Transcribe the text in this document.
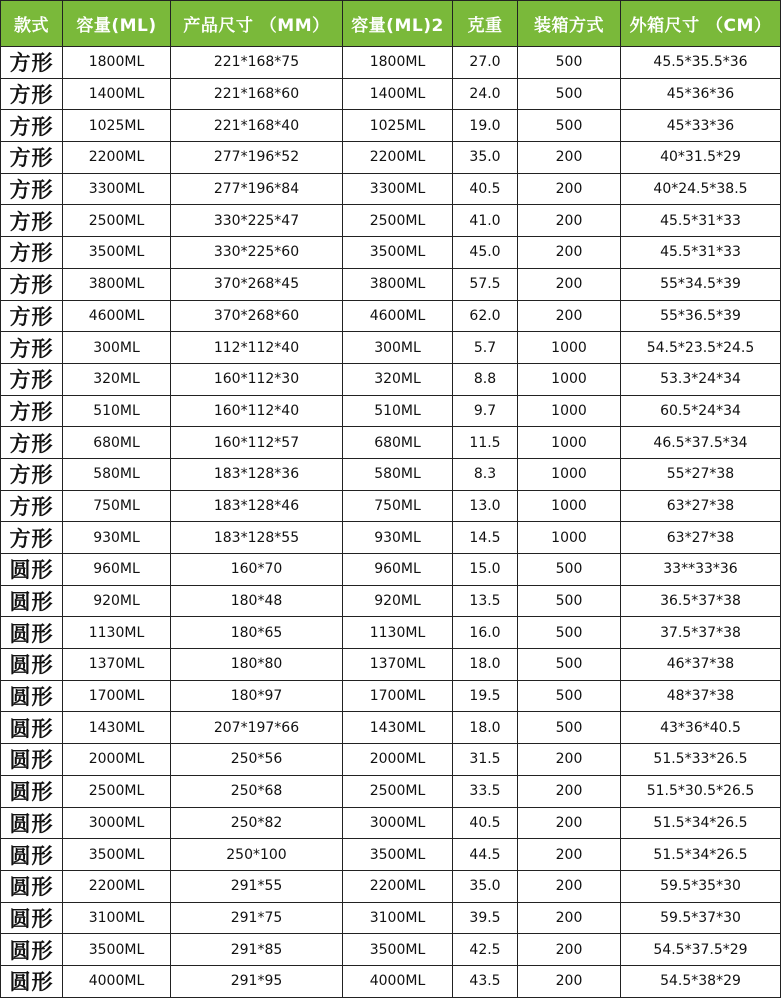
款式	容量(ML)	产品尺寸 （MM）	容量(ML)2	克重	装箱方式	外箱尺寸 （CM）
方形	1800ML	221*168*75	1800ML	27.0	500	45.5*35.5*36
方形	1400ML	221*168*60	1400ML	24.0	500	45*36*36
方形	1025ML	221*168*40	1025ML	19.0	500	45*33*36
方形	2200ML	277*196*52	2200ML	35.0	200	40*31.5*29
方形	3300ML	277*196*84	3300ML	40.5	200	40*24.5*38.5
方形	2500ML	330*225*47	2500ML	41.0	200	45.5*31*33
方形	3500ML	330*225*60	3500ML	45.0	200	45.5*31*33
方形	3800ML	370*268*45	3800ML	57.5	200	55*34.5*39
方形	4600ML	370*268*60	4600ML	62.0	200	55*36.5*39
方形	300ML	112*112*40	300ML	5.7	1000	54.5*23.5*24.5
方形	320ML	160*112*30	320ML	8.8	1000	53.3*24*34
方形	510ML	160*112*40	510ML	9.7	1000	60.5*24*34
方形	680ML	160*112*57	680ML	11.5	1000	46.5*37.5*34
方形	580ML	183*128*36	580ML	8.3	1000	55*27*38
方形	750ML	183*128*46	750ML	13.0	1000	63*27*38
方形	930ML	183*128*55	930ML	14.5	1000	63*27*38
圆形	960ML	160*70	960ML	15.0	500	33**33*36
圆形	920ML	180*48	920ML	13.5	500	36.5*37*38
圆形	1130ML	180*65	1130ML	16.0	500	37.5*37*38
圆形	1370ML	180*80	1370ML	18.0	500	46*37*38
圆形	1700ML	180*97	1700ML	19.5	500	48*37*38
圆形	1430ML	207*197*66	1430ML	18.0	500	43*36*40.5
圆形	2000ML	250*56	2000ML	31.5	200	51.5*33*26.5
圆形	2500ML	250*68	2500ML	33.5	200	51.5*30.5*26.5
圆形	3000ML	250*82	3000ML	40.5	200	51.5*34*26.5
圆形	3500ML	250*100	3500ML	44.5	200	51.5*34*26.5
圆形	2200ML	291*55	2200ML	35.0	200	59.5*35*30
圆形	3100ML	291*75	3100ML	39.5	200	59.5*37*30
圆形	3500ML	291*85	3500ML	42.5	200	54.5*37.5*29
圆形	4000ML	291*95	4000ML	43.5	200	54.5*38*29
